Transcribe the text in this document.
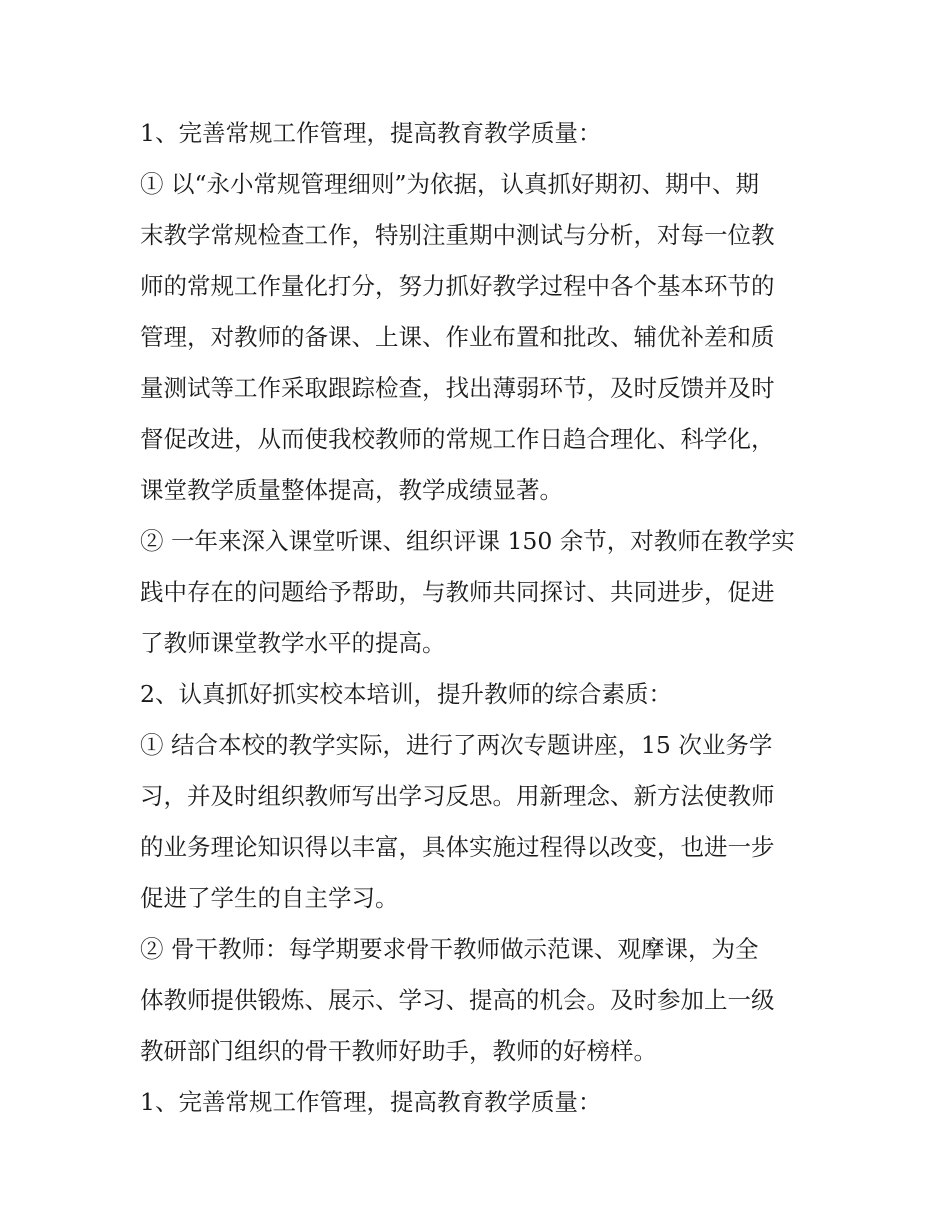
1、完善常规工作管理，提高教育教学质量：
① 以“永小常规管理细则”为依据，认真抓好期初、期中、期
末教学常规检查工作，特别注重期中测试与分析，对每一位教
师的常规工作量化打分，努力抓好教学过程中各个基本环节的
管理，对教师的备课、上课、作业布置和批改、辅优补差和质
量测试等工作采取跟踪检查，找出薄弱环节，及时反馈并及时
督促改进，从而使我校教师的常规工作日趋合理化、科学化，
课堂教学质量整体提高，教学成绩显著。
② 一年来深入课堂听课、组织评课 150 余节，对教师在教学实
践中存在的问题给予帮助，与教师共同探讨、共同进步，促进
了教师课堂教学水平的提高。
2、认真抓好抓实校本培训，提升教师的综合素质：
① 结合本校的教学实际，进行了两次专题讲座，15 次业务学
习，并及时组织教师写出学习反思。用新理念、新方法使教师
的业务理论知识得以丰富，具体实施过程得以改变，也进一步
促进了学生的自主学习。
② 骨干教师：每学期要求骨干教师做示范课、观摩课，为全
体教师提供锻炼、展示、学习、提高的机会。及时参加上一级
教研部门组织的骨干教师好助手，教师的好榜样。
1、完善常规工作管理，提高教育教学质量：
